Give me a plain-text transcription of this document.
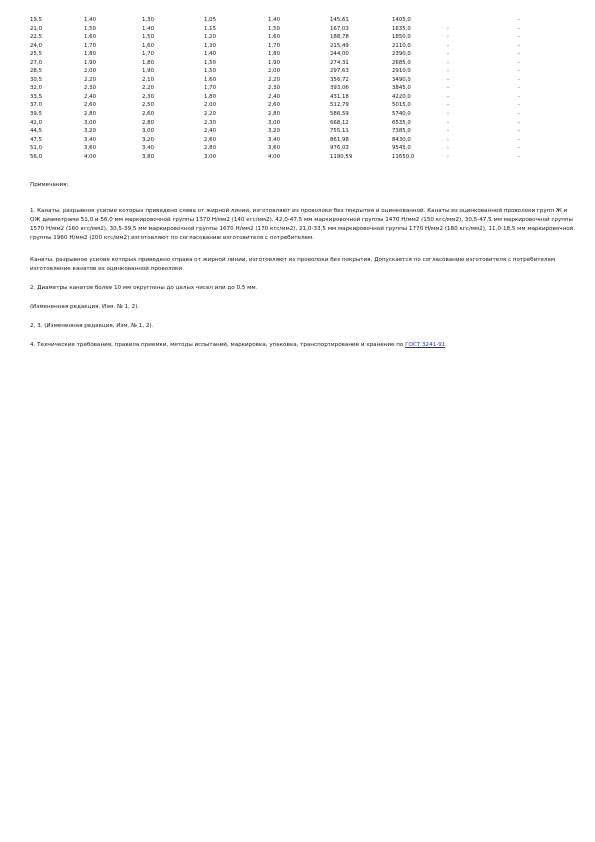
19,5	1,40	1,30	1,05	1,40	145,61	1405,0		-
21,0	1,50	1,40	1,15	1,50	167,03	1635,0	-	-
22,5	1,60	1,50	1,20	1,60	188,78	1850,0	-	-
24,0	1,70	1,60	1,30	1,70	215,49	2110,0	-	-
25,5	1,80	1,70	1,40	1,80	244,00	2390,0	-	-
27,0	1,90	1,80	1,50	1,90	274,31	2685,0	-	-
28,5	2,00	1,90	1,50	2,00	297,63	2910,0	-	-
30,5	2,20	2,10	1,60	2,20	356,72	3490,0	-	-
32,0	2,30	2,20	1,70	2,30	393,06	3845,0	-	-
33,5	2,40	2,30	1,80	2,40	431,18	4220,0	-	-
37,0	2,60	2,50	2,00	2,60	512,79	5015,0	-	-
39,5	2,80	2,60	2,20	2,80	586,59	5740,0	-	-
42,0	3,00	2,80	2,30	3,00	668,12	6535,0	-	-
44,5	3,20	3,00	2,40	3,20	755,11	7385,0	-	-
47,5	3,40	3,20	2,60	3,40	861,98	8430,0	-	-
51,0	3,60	3,40	2,80	3,60	976,03	9545,0	-	-
56,0	4,00	3,80	3,00	4,00	1190,59	11650,0	-	-

Примечания:

1. Канаты, разрывное усилие которых приведено слева от жирной линии, изготовляют из проволоки без покрытия и оцинкованной. Канаты из оцинкованной проволоки групп Ж и ОЖ диаметрами 51,0 и 56,0 мм маркировочной группы 1370 Н/мм2 (140 кгс/мм2), 42,0-47,5 мм маркировочной группы 1470 Н/мм2 (150 кгс/мм2), 30,5-47,5 мм маркировочной группы 1570 Н/мм2 (160 кгс/мм2), 30,5-39,5 мм маркировочной группы 1670 Н/мм2 (170 кгс/мм2), 21,0-33,5 мм маркировочной группы 1770 Н/мм2 (180 кгс/мм2), 11,0-18,5 мм маркировочной группы 1960 Н/мм2 (200 кгс/мм2) изготовляют по согласованию изготовителя с потребителем.

Канаты, разрывное усилие которых приведено справа от жирной линии, изготовляют из проволоки без покрытия. Допускается по согласованию изготовителя с потребителем изготовление канатов из оцинкованной проволоки.

2. Диаметры канатов более 10 мм округлены до целых чисел или до 0,5 мм.

(Измененная редакция, Изм. № 1, 2).

2, 3. (Измененная редакция, Изм. № 1, 2).

4. Технические требования, правила приемки, методы испытаний, маркировка, упаковка, транспортирование и хранение по ГОСТ 3241-91.
